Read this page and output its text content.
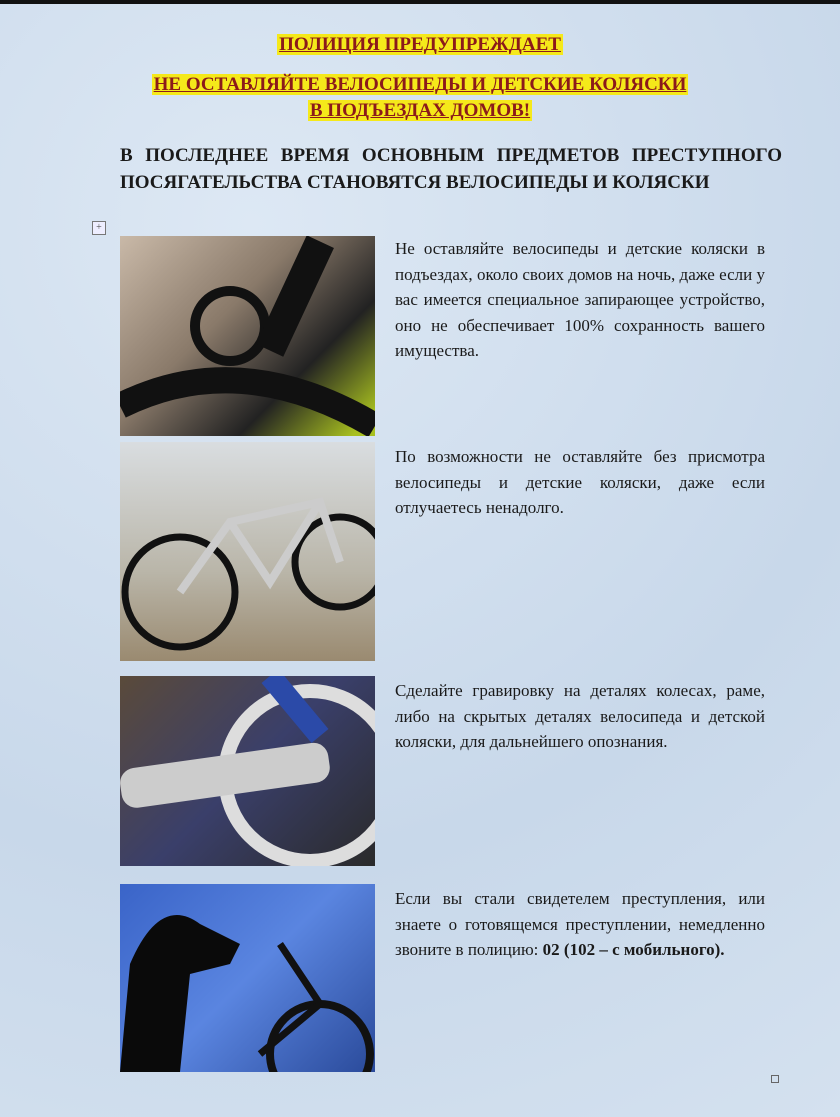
ПОЛИЦИЯ ПРЕДУПРЕЖДАЕТ
НЕ ОСТАВЛЯЙТЕ ВЕЛОСИПЕДЫ И ДЕТСКИЕ КОЛЯСКИ
В ПОДЪЕЗДАХ ДОМОВ!
В ПОСЛЕДНЕЕ ВРЕМЯ ОСНОВНЫМ ПРЕДМЕТОВ ПРЕСТУПНОГО ПОСЯГАТЕЛЬСТВА СТАНОВЯТСЯ ВЕЛОСИПЕДЫ И КОЛЯСКИ
+
Не оставляйте велосипеды и детские коляски в подъездах, около своих домов на ночь, даже если у вас имеется специальное запирающее устройство, оно не обеспечивает 100% сохранность вашего имущества.
По возможности не оставляйте без присмотра велосипеды и детские коляски, даже если отлучаетесь ненадолго.
Сделайте гравировку на деталях колесах, раме, либо на скрытых деталях велосипеда и детской коляски, для дальнейшего опознания.
Если вы стали свидетелем преступления, или знаете о готовящемся преступлении, немедленно звоните в полицию: 02 (102 – с мобильного).
